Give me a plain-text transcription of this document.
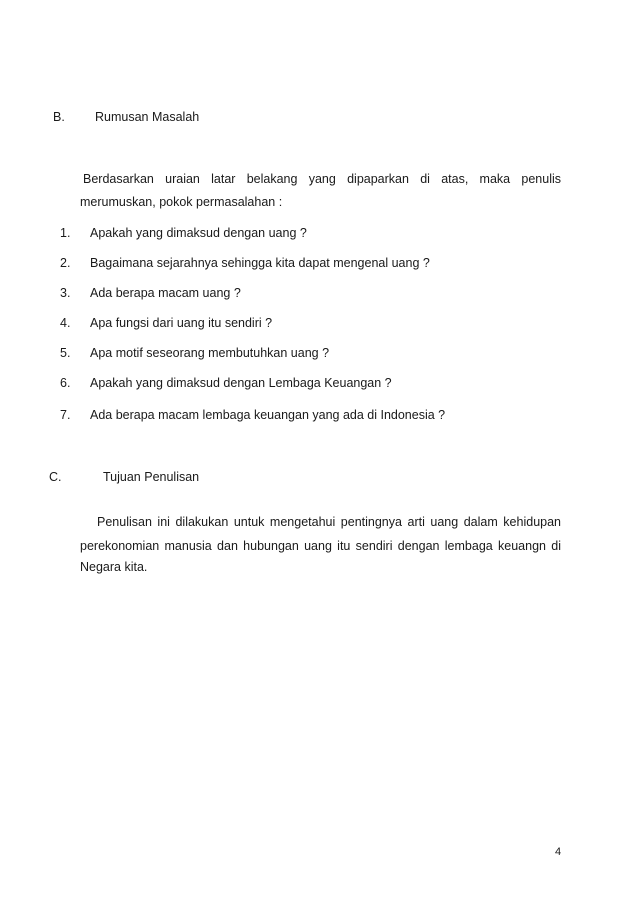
B. Rumusan Masalah
Berdasarkan uraian latar belakang yang dipaparkan di atas, maka penulis
merumuskan, pokok permasalahan :
1.	Apakah yang dimaksud dengan uang ?
2.	Bagaimana sejarahnya sehingga kita dapat mengenal uang ?
3.	Ada berapa macam uang ?
4.	Apa fungsi dari uang itu sendiri ?
5.	Apa motif seseorang membutuhkan uang ?
6.	Apakah yang dimaksud dengan Lembaga Keuangan ?
7.	Ada berapa macam lembaga keuangan yang ada di Indonesia ?
C.	Tujuan Penulisan
Penulisan ini dilakukan untuk mengetahui pentingnya arti uang dalam kehidupan
perekonomian manusia dan hubungan uang itu sendiri dengan lembaga keuangn di
Negara kita.
4
